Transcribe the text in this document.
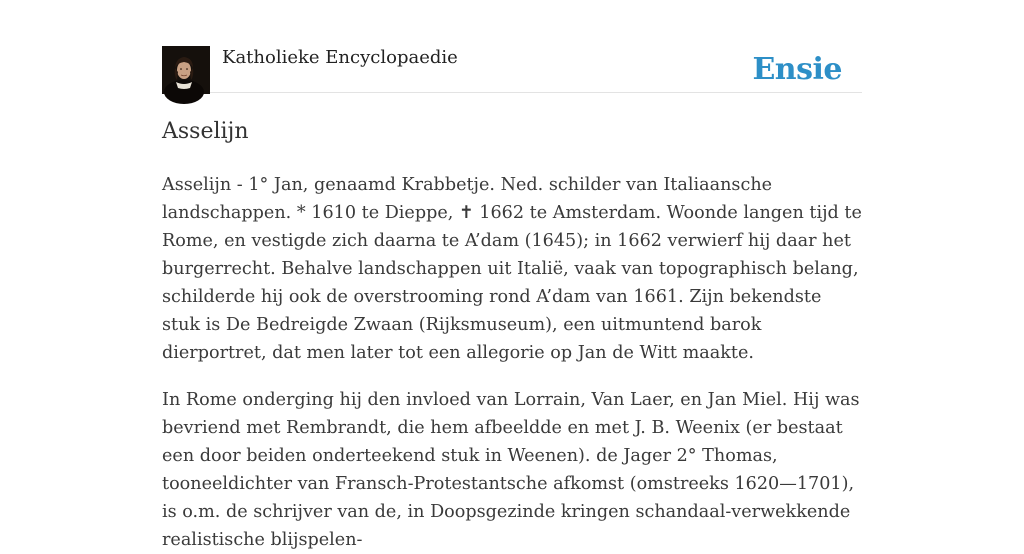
Katholieke Encyclopaedie	Ensie
Asselijn

Asselijn - 1° Jan, genaamd Krabbetje. Ned. schilder van Italiaansche landschappen. * 1610 te Dieppe, ✝ 1662 te Amsterdam. Woonde langen tijd te Rome, en vestigde zich daarna te A’dam (1645); in 1662 verwierf hij daar het burgerrecht. Behalve landschappen uit Italië, vaak van topographisch belang, schilderde hij ook de overstrooming rond A’dam van 1661. Zijn bekendste stuk is De Bedreigde Zwaan (Rijksmuseum), een uitmuntend barok dierportret, dat men later tot een allegorie op Jan de Witt maakte.

In Rome onderging hij den invloed van Lorrain, Van Laer, en Jan Miel. Hij was bevriend met Rembrandt, die hem afbeeldde en met J. B. Weenix (er bestaat een door beiden onderteekend stuk in Weenen). de Jager 2° Thomas, tooneeldichter van Fransch-Protestantsche afkomst (omstreeks 1620—1701), is o.m. de schrijver van de, in Doopsgezinde kringen schandaal-verwekkende realistische blijspelen-
